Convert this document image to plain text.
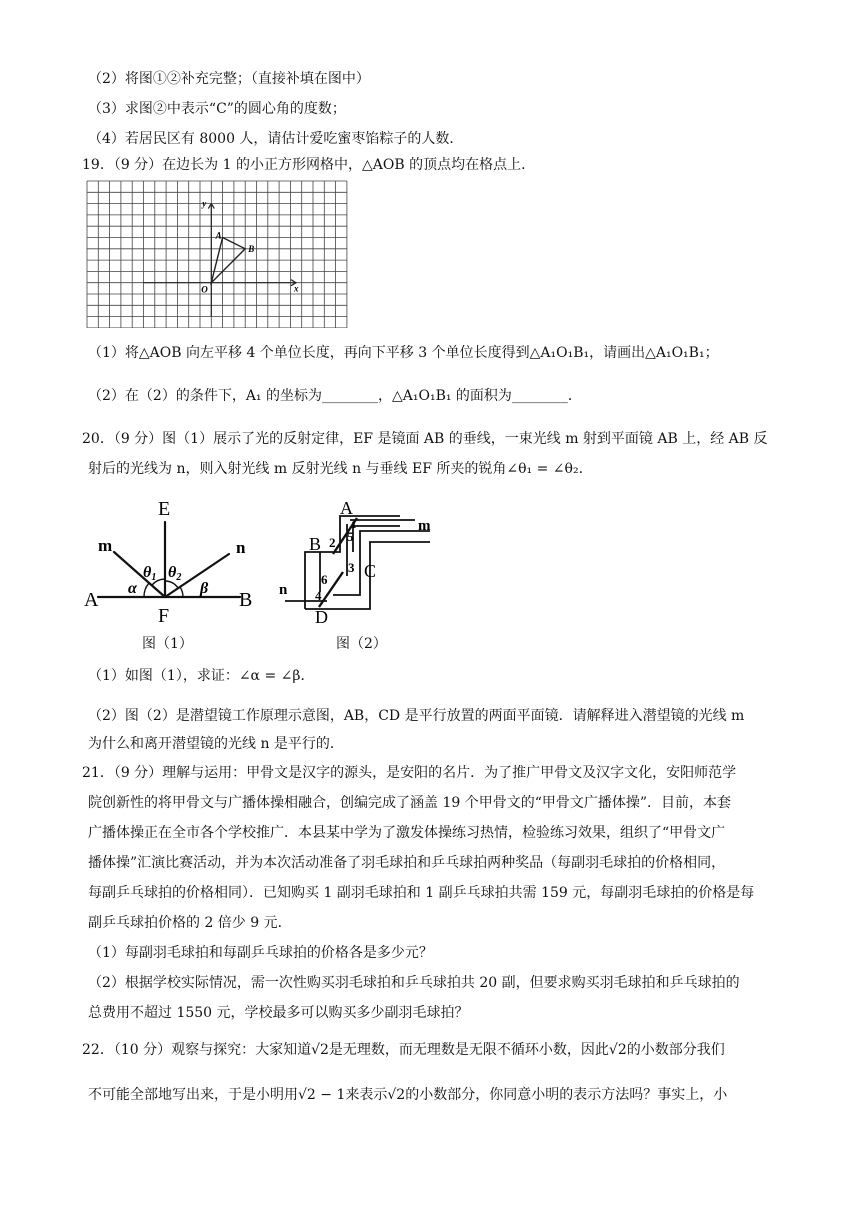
（2）将图①②补充完整；（直接补填在图中）
（3）求图②中表示“C”的圆心角的度数；
（4）若居民区有 8000 人，请估计爱吃蜜枣馅粽子的人数．
19．（9 分）在边长为 1 的小正方形网格中，△AOB 的顶点均在格点上．
A
B
O	x
y
（1）将△AOB 向左平移 4 个单位长度，再向下平移 3 个单位长度得到△A₁O₁B₁，请画出△A₁O₁B₁；
（2）在（2）的条件下，A₁ 的坐标为________，△A₁O₁B₁ 的面积为________．
20．（9 分）图（1）展示了光的反射定律，EF 是镜面 AB 的垂线，一束光线 m 射到平面镜 AB 上，经 AB 反
射后的光线为 n，则入射光线 m 反射光线 n 与垂线 EF 所夹的锐角∠θ₁ = ∠θ₂．
E
F
A	B
m	n
α	β
θ1 θ2
图（1）
A
B
C
D
m
n
1
2
3
4
5
6
图（2）
（1）如图（1），求证：∠α = ∠β．
（2）图（2）是潜望镜工作原理示意图，AB，CD 是平行放置的两面平面镜．请解释进入潜望镜的光线 m
为什么和离开潜望镜的光线 n 是平行的．
21．（9 分）理解与运用：甲骨文是汉字的源头，是安阳的名片．为了推广甲骨文及汉字文化，安阳师范学
院创新性的将甲骨文与广播体操相融合，创编完成了涵盖 19 个甲骨文的“甲骨文广播体操”．目前，本套
广播体操正在全市各个学校推广．本县某中学为了激发体操练习热情，检验练习效果，组织了“甲骨文广
播体操”汇演比赛活动，并为本次活动准备了羽毛球拍和乒乓球拍两种奖品（每副羽毛球拍的价格相同，
每副乒乓球拍的价格相同）．已知购买 1 副羽毛球拍和 1 副乒乓球拍共需 159 元，每副羽毛球拍的价格是每
副乒乓球拍价格的 2 倍少 9 元．
（1）每副羽毛球拍和每副乒乓球拍的价格各是多少元？
（2）根据学校实际情况，需一次性购买羽毛球拍和乒乓球拍共 20 副，但要求购买羽毛球拍和乒乓球拍的
总费用不超过 1550 元，学校最多可以购买多少副羽毛球拍？
22．（10 分）观察与探究：大家知道√2是无理数，而无理数是无限不循环小数，因此√2的小数部分我们
不可能全部地写出来，于是小明用√2 − 1来表示√2的小数部分，你同意小明的表示方法吗？事实上，小
